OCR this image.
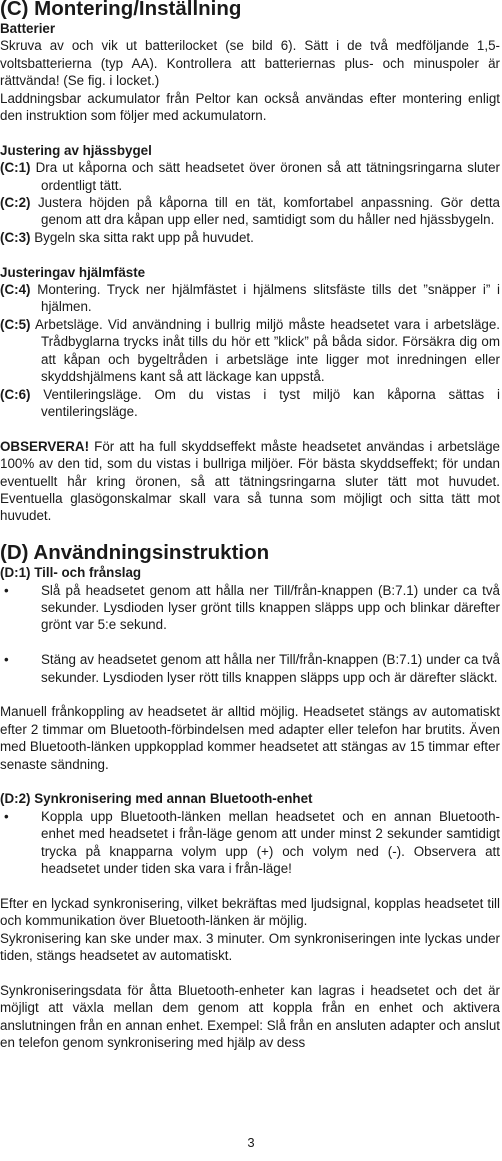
(C) Montering/Inställning
Batterier

Skruva av och vik ut batterilocket (se bild 6). Sätt i de två medföljande 1,5-voltsbatterierna (typ AA). Kontrollera att batteriernas plus- och minuspoler är rättvända! (Se fig. i locket.)

Laddningsbar ackumulator från Peltor kan också användas efter montering enligt den instruktion som följer med ackumulatorn.

Justering av hjässbygel

(C:1) Dra ut kåporna och sätt headsetet över öronen så att tätningsringarna sluter ordentligt tätt.

(C:2) Justera höjden på kåporna till en tät, komfortabel anpassning. Gör detta genom att dra kåpan upp eller ned, samtidigt som du håller ned hjässbygeln.

(C:3) Bygeln ska sitta rakt upp på huvudet.

Justeringav hjälmfäste

(C:4) Montering. Tryck ner hjälmfästet i hjälmens slitsfäste tills det ”snäpper i” i hjälmen.

(C:5) Arbetsläge. Vid användning i bullrig miljö måste headsetet vara i arbetsläge. Trådbyglarna trycks inåt tills du hör ett ”klick” på båda sidor. Försäkra dig om att kåpan och bygeltråden i arbetsläge inte ligger mot inredningen eller skyddshjälmens kant så att läckage kan uppstå.

(C:6) Ventileringsläge. Om du vistas i tyst miljö kan kåporna sättas i ventileringsläge.

OBSERVERA! För att ha full skyddseffekt måste headsetet användas i arbetsläge 100% av den tid, som du vistas i bullriga miljöer. För bästa skyddseffekt; för undan eventuellt hår kring öronen, så att tätningsringarna sluter tätt mot huvudet. Eventuella glasögonskalmar skall vara så tunna som möjligt och sitta tätt mot huvudet.

(D) Användningsinstruktion
(D:1) Till- och frånslag
•	Slå på headsetet genom att hålla ner Till/från-knappen (B:7.1) under ca två sekunder. Lysdioden lyser grönt tills knappen släpps upp och blinkar därefter grönt var 5:e sekund.
•	Stäng av headsetet genom att hålla ner Till/från-knappen (B:7.1) under ca två sekunder. Lysdioden lyser rött tills knappen släpps upp och är därefter släckt.

Manuell frånkoppling av headsetet är alltid möjlig. Headsetet stängs av automatiskt efter 2 timmar om Bluetooth-förbindelsen med adapter eller telefon har brutits. Även med Bluetooth-länken uppkopplad kommer headsetet att stängas av 15 timmar efter senaste sändning.

(D:2) Synkronisering med annan Bluetooth-enhet
•	Koppla upp Bluetooth-länken mellan headsetet och en annan Bluetooth-enhet med headsetet i från-läge genom att under minst 2 sekunder samtidigt trycka på knapparna volym upp (+) och volym ned (-). Observera att headsetet under tiden ska vara i från-läge!

Efter en lyckad synkronisering, vilket bekräftas med ljudsignal, kopplas headsetet till och kommunikation över Bluetooth-länken är möjlig.

Sykronisering kan ske under max. 3 minuter. Om synkroniseringen inte lyckas under tiden, stängs headsetet av automatiskt.

Synkroniseringsdata för åtta Bluetooth-enheter kan lagras i headsetet och det är möjligt att växla mellan dem genom att koppla från en enhet och aktivera anslutningen från en annan enhet. Exempel: Slå från en ansluten adapter och anslut en telefon genom synkronisering med hjälp av dess

3
